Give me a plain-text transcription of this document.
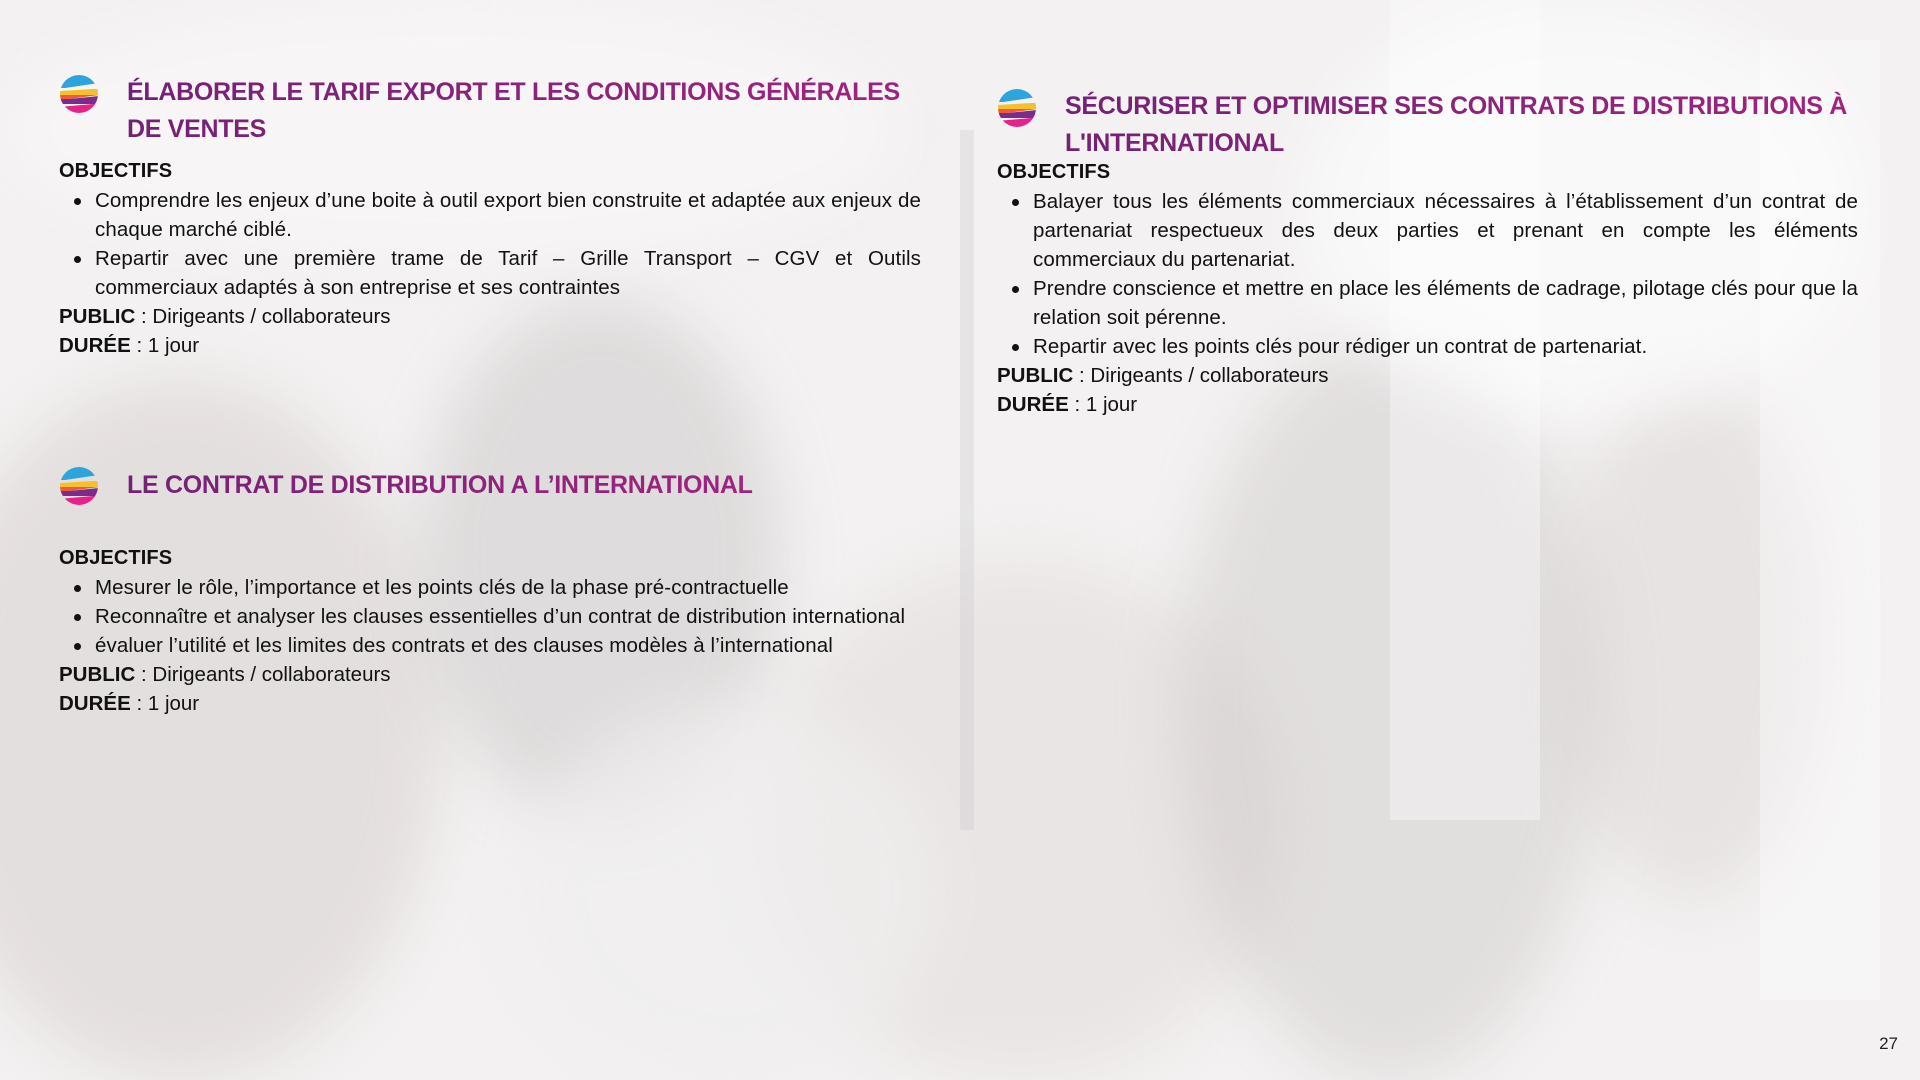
ÉLABORER LE TARIF EXPORT ET LES CONDITIONS GÉNÉRALES DE VENTES

OBJECTIFS

Comprendre les enjeux d’une boite à outil export bien construite et adaptée aux enjeux de chaque marché ciblé.
Repartir avec une première trame de Tarif – Grille Transport – CGV et Outils commerciaux adaptés à son entreprise et ses contraintes
PUBLIC : Dirigeants / collaborateurs
DURÉE : 1 jour
LE CONTRAT DE DISTRIBUTION A L’INTERNATIONAL

OBJECTIFS

Mesurer le rôle, l’importance et les points clés de la phase pré-contractuelle
Reconnaître et analyser les clauses essentielles d’un contrat de distribution international
évaluer l’utilité et les limites des contrats et des clauses modèles à l’international
PUBLIC : Dirigeants / collaborateurs
DURÉE : 1 jour
SÉCURISER ET OPTIMISER SES CONTRATS DE DISTRIBUTIONS À L'INTERNATIONAL

OBJECTIFS

Balayer tous les éléments commerciaux nécessaires à l’établissement d’un contrat de partenariat respectueux des deux parties et prenant en compte les éléments commerciaux du partenariat.
Prendre conscience et mettre en place les éléments de cadrage, pilotage clés pour que la relation soit pérenne.
Repartir avec les points clés pour rédiger un contrat de partenariat.
PUBLIC : Dirigeants / collaborateurs
DURÉE : 1 jour
27
